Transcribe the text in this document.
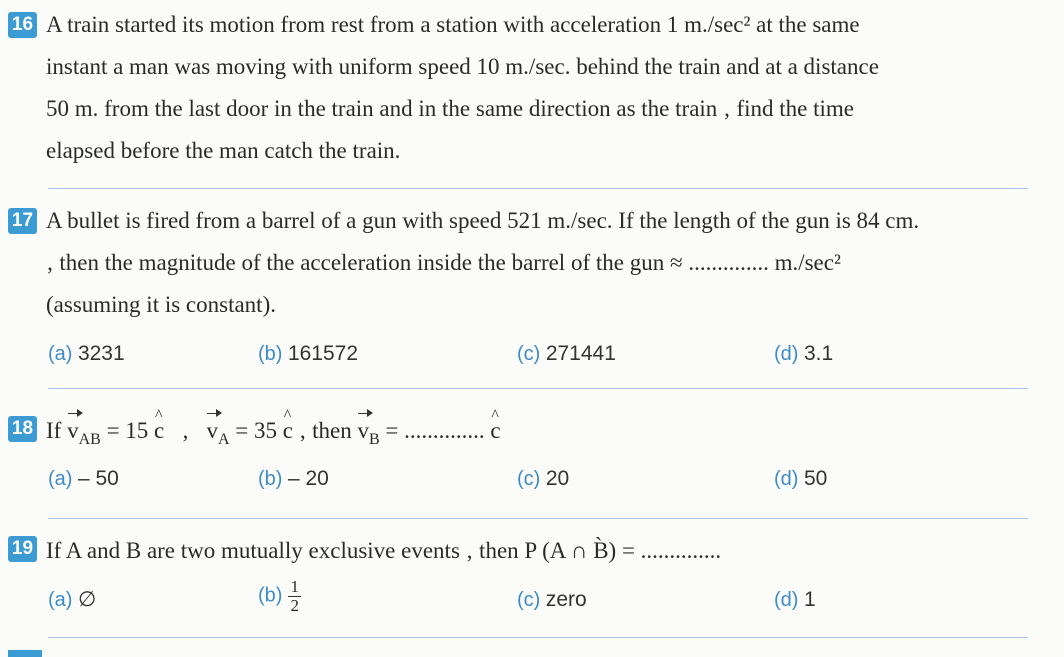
16 A train started its motion from rest from a station with acceleration 1 m./sec² at the same
instant a man was moving with uniform speed 10 m./sec. behind the train and at a distance
50 m. from the last door in the train and in the same direction as the train ‚ find the time
elapsed before the man catch the train.
17 A bullet is fired from a barrel of a gun with speed 521 m./sec. If the length of the gun is 84 cm.
‚ then the magnitude of the acceleration inside the barrel of the gun ≈ .............. m./sec²
(assuming it is constant).
(a) 3231	(b) 161572	(c) 271441	(d) 3.1
18 If $v_{AB} = 15$ ^ c ‚ $v_A = 35$ ^ c ‚ then $v_B$ = .............. ^ c
(a) – 50	(b) – 20	(c) 20	(d) 50
19 If A and B are two mutually exclusive events ‚ then P (A ∩ B̀) = ..............
(a) ∅	$(b) \frac{1}{2}$	(c) zero	(d) 1
